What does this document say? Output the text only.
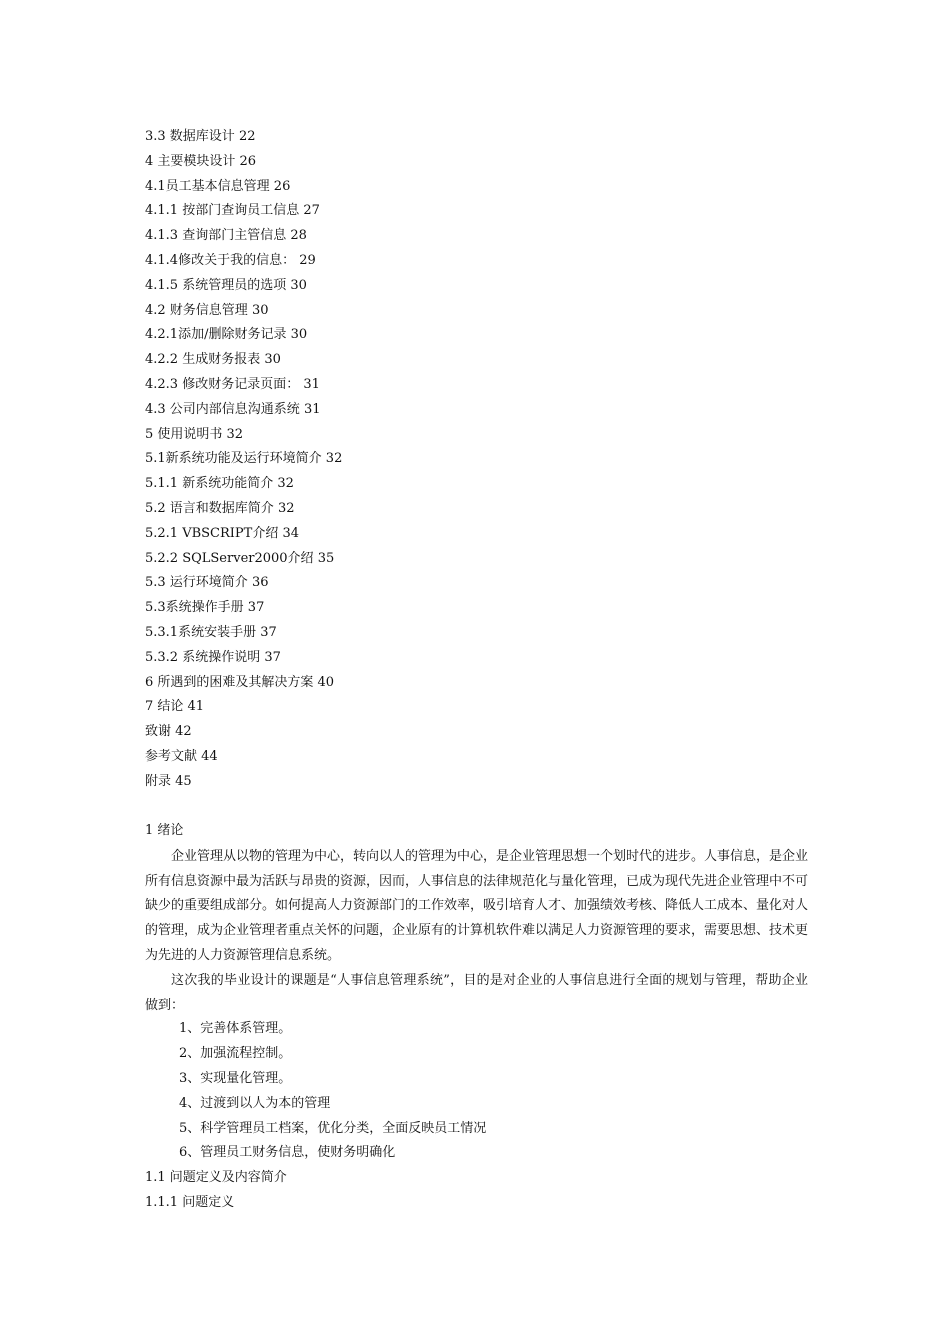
3.3 数据库设计 22
4 主要模块设计 26
4.1员工基本信息管理 26
4.1.1 按部门查询员工信息 27
4.1.3 查询部门主管信息 28
4.1.4修改关于我的信息： 29
4.1.5 系统管理员的选项 30
4.2 财务信息管理 30
4.2.1添加/删除财务记录 30
4.2.2 生成财务报表 30
4.2.3 修改财务记录页面： 31
4.3 公司内部信息沟通系统 31
5 使用说明书 32
5.1新系统功能及运行环境简介 32
5.1.1 新系统功能简介 32
5.2 语言和数据库简介 32
5.2.1 VBSCRIPT介绍 34
5.2.2 SQLServer2000介绍 35
5.3 运行环境简介 36
5.3系统操作手册 37
5.3.1系统安装手册 37
5.3.2 系统操作说明 37
6 所遇到的困难及其解决方案 40
7 结论 41
致谢 42
参考文献 44
附录 45
1 绪论

企业管理从以物的管理为中心，转向以人的管理为中心，是企业管理思想一个划时代的进步。人事信息，是企业所有信息资源中最为活跃与昂贵的资源，因而，人事信息的法律规范化与量化管理，已成为现代先进企业管理中不可缺少的重要组成部分。如何提高人力资源部门的工作效率，吸引培育人才、加强绩效考核、降低人工成本、量化对人的管理，成为企业管理者重点关怀的问题，企业原有的计算机软件难以满足人力资源管理的要求，需要思想、技术更为先进的人力资源管理信息系统。

这次我的毕业设计的课题是“人事信息管理系统”，目的是对企业的人事信息进行全面的规划与管理，帮助企业做到：

1、完善体系管理。
2、加强流程控制。
3、实现量化管理。
4、过渡到以人为本的管理
5、科学管理员工档案，优化分类，全面反映员工情况
6、管理员工财务信息，使财务明确化
1.1 问题定义及内容简介
1.1.1 问题定义
